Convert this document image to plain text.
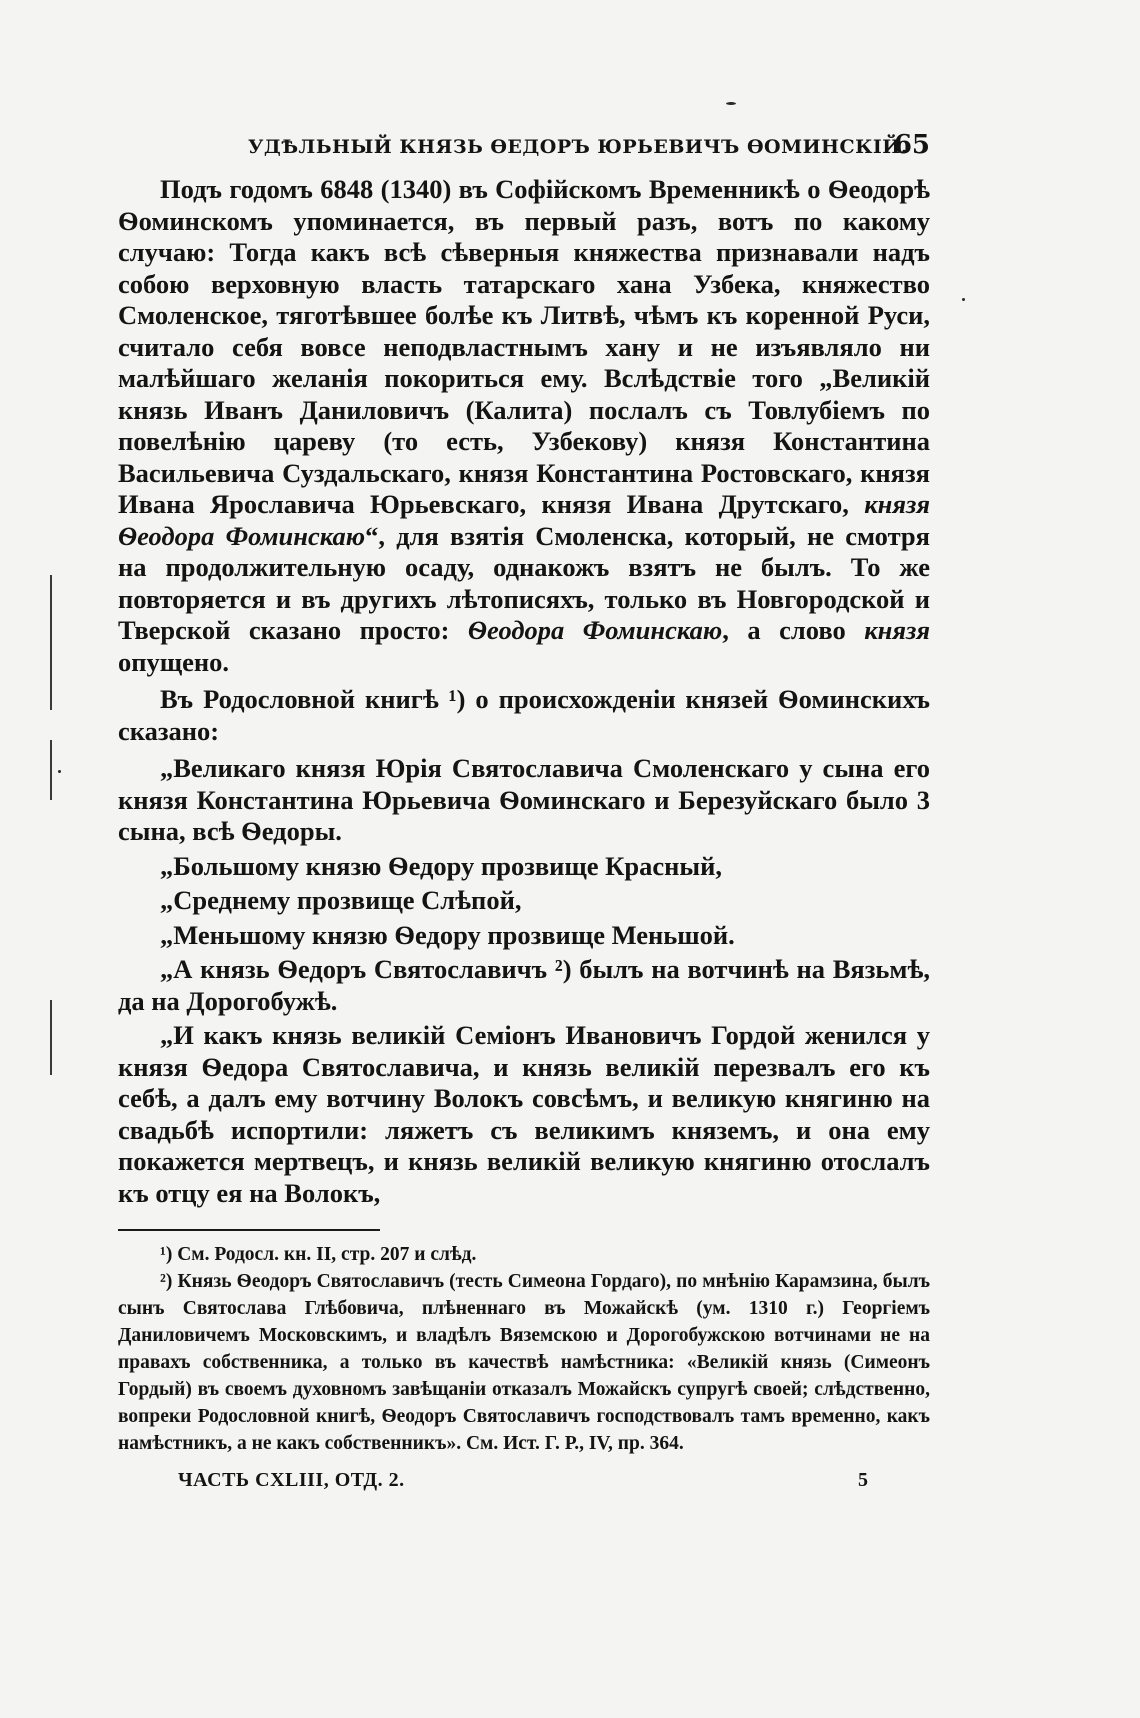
УДѢЛЬНЫЙ КНЯЗЬ ѲЕДОРЪ ЮРЬЕВИЧЪ ѲОМИНСКІЙ.
65

Подъ годомъ 6848 (1340) въ Софійскомъ Временникѣ о Ѳеодорѣ Ѳоминскомъ упоминается, въ первый разъ, вотъ по какому случаю: Тогда какъ всѣ сѣверныя княжества признавали надъ собою верховную власть татарскаго хана Узбека, княжество Смоленское, тяготѣвшее болѣе къ Литвѣ, чѣмъ къ коренной Руси, считало себя вовсе неподвластнымъ хану и не изъявляло ни малѣйшаго желанія покориться ему. Вслѣдствіе того „Великій князь Иванъ Даниловичъ (Калита) послалъ съ Товлубіемъ по повелѣнію цареву (то есть, Узбекову) князя Константина Васильевича Суздальскаго, князя Константина Ростовскаго, князя Ивана Ярославича Юрьевскаго, князя Ивана Друтскаго, князя Ѳеодора Фоминскаю“, для взятія Смоленска, который, не смотря на продолжительную осаду, однакожъ взятъ не былъ. То же повторяется и въ другихъ лѣтописяхъ, только въ Новгородской и Тверской сказано просто: Ѳеодора Фоминскаю, а слово князя опущено.

Въ Родословной книгѣ ¹) о происхожденіи князей Ѳоминскихъ сказано:

„Великаго князя Юрія Святославича Смоленскаго у сына его князя Константина Юрьевича Ѳоминскаго и Березуйскаго было 3 сына, всѣ Ѳедоры.

„Большому князю Ѳедору прозвище Красный,

„Среднему прозвище Слѣпой,

„Меньшому князю Ѳедору прозвище Меньшой.

„А князь Ѳедоръ Святославичъ ²) былъ на вотчинѣ на Вязьмѣ, да на Дорогобужѣ.

„И какъ князь великій Семіонъ Ивановичъ Гордой женился у князя Ѳедора Святославича, и князь великій перезвалъ его къ себѣ, а далъ ему вотчину Волокъ совсѣмъ, и великую княгиню на свадьбѣ испортили: ляжетъ съ великимъ княземъ, и она ему покажется мертвецъ, и князь великій великую княгиню отослалъ къ отцу ея на Волокъ,

¹) См. Родосл. кн. II, стр. 207 и слѣд.

²) Князь Ѳеодоръ Святославичъ (тесть Симеона Гордаго), по мнѣнію Карамзина, былъ сынъ Святослава Глѣбовича, плѣненнаго въ Можайскѣ (ум. 1310 г.) Георгіемъ Даниловичемъ Московскимъ, и владѣлъ Вяземскою и Дорогобужскою вотчинами не на правахъ собственника, а только въ качествѣ намѣстника: «Великій князь (Симеонъ Гордый) въ своемъ духовномъ завѣщаніи отказалъ Можайскъ супругѣ своей; слѣдственно, вопреки Родословной книгѣ, Ѳеодоръ Святославичъ господствовалъ тамъ временно, какъ намѣстникъ, а не какъ собственникъ». См. Ист. Г. Р., IV, пр. 364.

ЧАСТЬ CXLIII, ОТД. 2.	5
